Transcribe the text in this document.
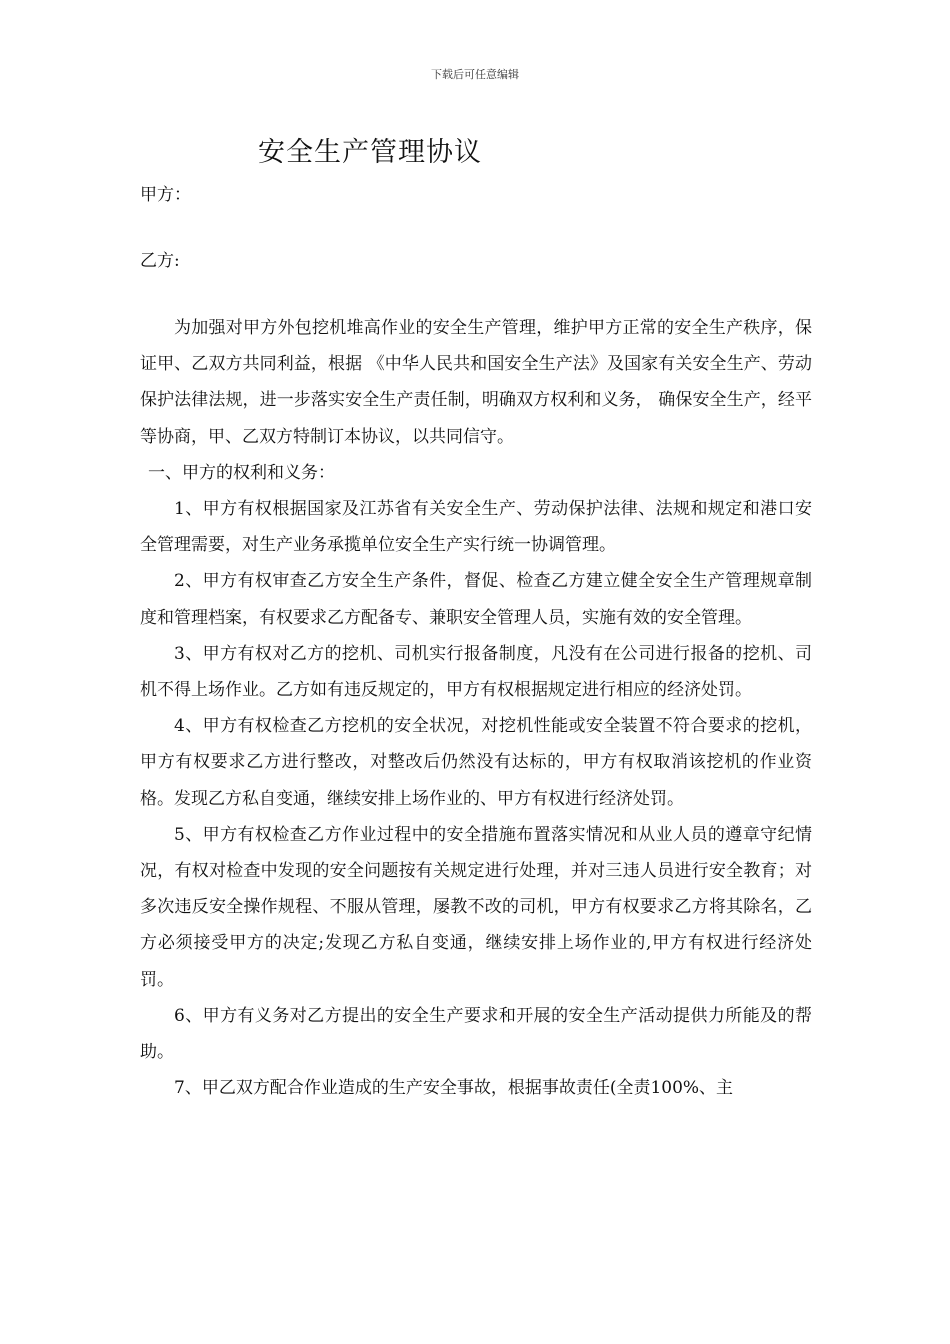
下载后可任意编辑
安全生产管理协议
甲方：
乙方:

为加强对甲方外包挖机堆高作业的安全生产管理，维护甲方正常的安全生产秩序，保证甲、乙双方共同利益，根据 《中华人民共和国安全生产法》及国家有关安全生产、劳动保护法律法规，进一步落实安全生产责任制，明确双方权利和义务， 确保安全生产，经平等协商，甲、乙双方特制订本协议，以共同信守。

一、甲方的权利和义务：

1、甲方有权根据国家及江苏省有关安全生产、劳动保护法律、法规和规定和港口安全管理需要，对生产业务承揽单位安全生产实行统一协调管理。

2、甲方有权审查乙方安全生产条件，督促、检查乙方建立健全安全生产管理规章制度和管理档案，有权要求乙方配备专、兼职安全管理人员，实施有效的安全管理。

3、甲方有权对乙方的挖机、司机实行报备制度，凡没有在公司进行报备的挖机、司机不得上场作业。乙方如有违反规定的，甲方有权根据规定进行相应的经济处罚。

4、甲方有权检查乙方挖机的安全状况，对挖机性能或安全装置不符合要求的挖机，甲方有权要求乙方进行整改，对整改后仍然没有达标的，甲方有权取消该挖机的作业资格。发现乙方私自变通，继续安排上场作业的、甲方有权进行经济处罚。

5、甲方有权检查乙方作业过程中的安全措施布置落实情况和从业人员的遵章守纪情况，有权对检查中发现的安全问题按有关规定进行处理，并对三违人员进行安全教育；对多次违反安全操作规程、不服从管理，屡教不改的司机，甲方有权要求乙方将其除名，乙方必须接受甲方的决定;发现乙方私自变通，继续安排上场作业的,甲方有权进行经济处罚。

6、甲方有义务对乙方提出的安全生产要求和开展的安全生产活动提供力所能及的帮助。

7、甲乙双方配合作业造成的生产安全事故，根据事故责任(全责100%、主
